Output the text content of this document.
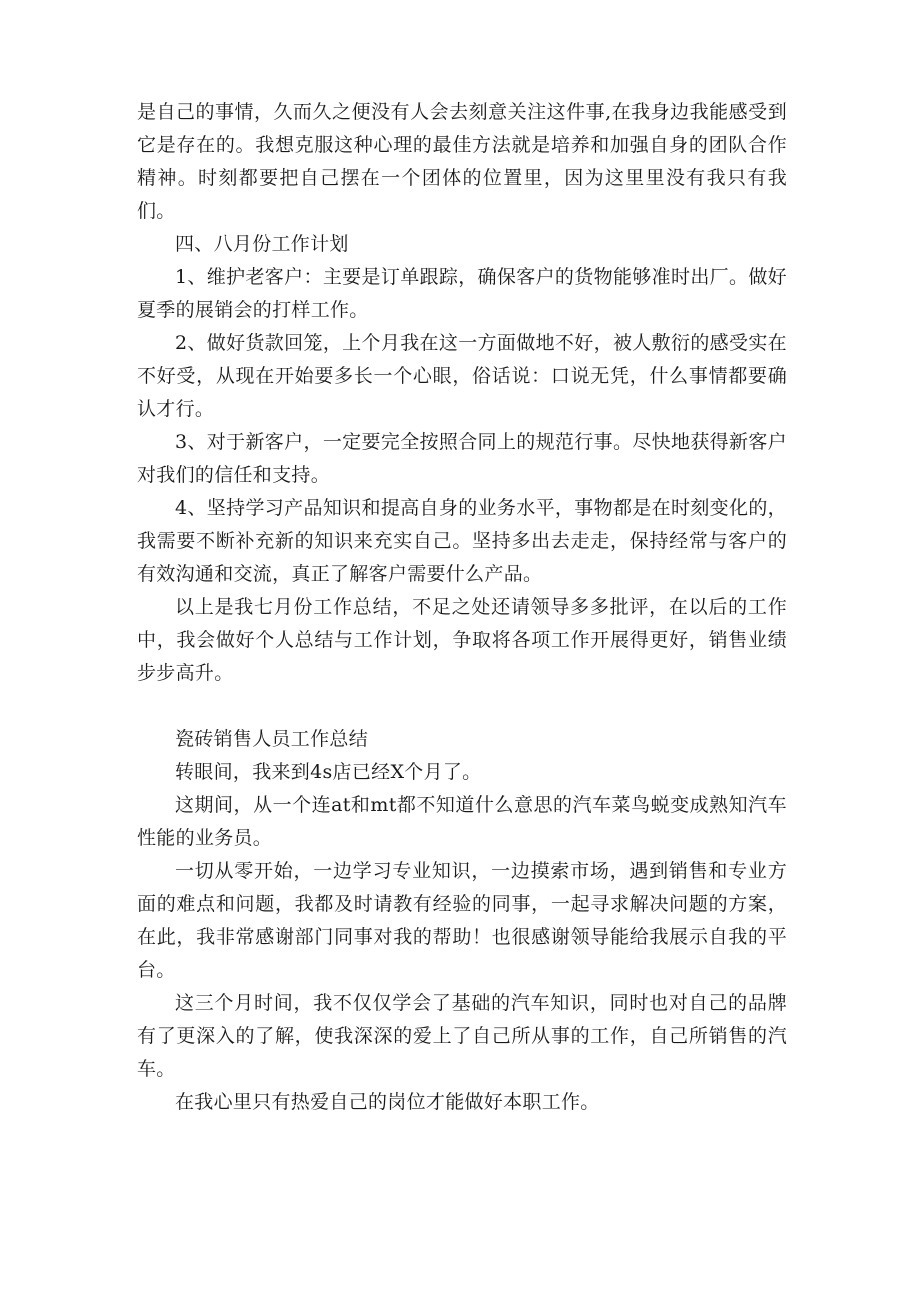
是自己的事情，久而久之便没有人会去刻意关注这件事,在我身边我能感受到它是存在的。我想克服这种心理的最佳方法就是培养和加强自身的团队合作精神。时刻都要把自己摆在一个团体的位置里，因为这里里没有我只有我们。

四、八月份工作计划

1、维护老客户：主要是订单跟踪，确保客户的货物能够准时出厂。做好夏季的展销会的打样工作。

2、做好货款回笼，上个月我在这一方面做地不好，被人敷衍的感受实在不好受，从现在开始要多长一个心眼，俗话说：口说无凭，什么事情都要确认才行。

3、对于新客户，一定要完全按照合同上的规范行事。尽快地获得新客户对我们的信任和支持。

4、坚持学习产品知识和提高自身的业务水平，事物都是在时刻变化的，我需要不断补充新的知识来充实自己。坚持多出去走走，保持经常与客户的有效沟通和交流，真正了解客户需要什么产品。

以上是我七月份工作总结，不足之处还请领导多多批评，在以后的工作中，我会做好个人总结与工作计划，争取将各项工作开展得更好，销售业绩步步高升。

瓷砖销售人员工作总结

转眼间，我来到4s店已经X个月了。

这期间，从一个连at和mt都不知道什么意思的汽车菜鸟蜕变成熟知汽车性能的业务员。

一切从零开始，一边学习专业知识，一边摸索市场，遇到销售和专业方面的难点和问题，我都及时请教有经验的同事，一起寻求解决问题的方案，在此，我非常感谢部门同事对我的帮助！也很感谢领导能给我展示自我的平台。

这三个月时间，我不仅仅学会了基础的汽车知识，同时也对自己的品牌有了更深入的了解，使我深深的爱上了自己所从事的工作，自己所销售的汽车。

在我心里只有热爱自己的岗位才能做好本职工作。
